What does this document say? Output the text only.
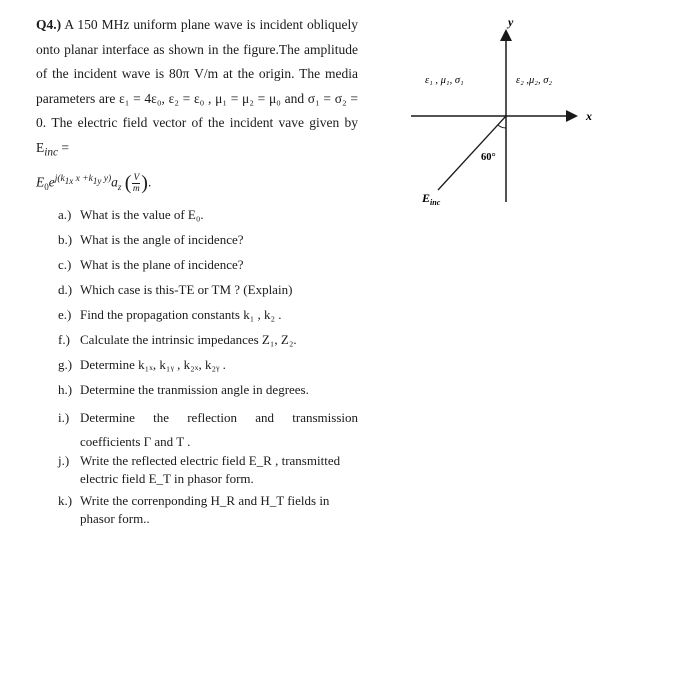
Q4.) A 150 MHz uniform plane wave is incident obliquely onto planar interface as shown in the figure.The amplitude of the incident wave is 80π V/m at the origin. The media parameters are ε₁ = 4ε₀, ε₂ = ε₀ , μ₁ = μ₂ = μ₀ and σ₁ = σ₂ = 0. The electric field vector of the incident vave given by $E_{inc}$ =

$E_0e^{j(k_{1x} x +k_{1y} y)}a_z$ ( $\frac{V}{m}$ ).
a.) What is the value of E₀.
b.) What is the angle of incidence?
c.) What is the plane of incidence?
d.) Which case is this-TE or TM ? (Explain)
e.) Find the propagation constants k₁ , k₂ .
f.) Calculate the intrinsic impedances Z₁, Z₂.
g.) Determine k₁ₓ, k₁ᵧ , k₂ₓ, k₂ᵧ .
h.) Determine the tranmission angle in degrees.
i.) Determine the reflection and transmission coefficients Γ and T .
j.) Write the reflected electric field E_R , transmitted electric field E_T in phasor form.
k.) Write the correnponding H_R and H_T fields in phasor form..
y
x
ε₁ , μ₁, σ₁	ε₂ ,μ₂, σ₂
60°
$E_{inc}$
